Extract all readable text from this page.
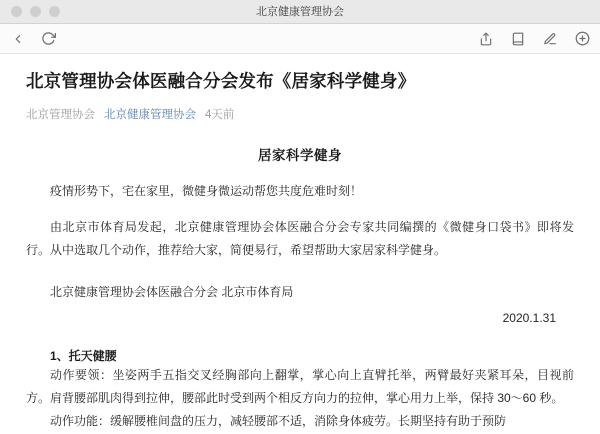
北京健康管理协会
北京管理协会体医融合分会发布《居家科学健身》
北京管理协会 北京健康管理协会 4天前
居家科学健身

疫情形势下，宅在家里，微健身微运动帮您共度危难时刻！

由北京市体育局发起，北京健康管理协会体医融合分会专家共同编撰的《微健身口袋书》即将发行。从中选取几个动作，推荐给大家，简便易行，希望帮助大家居家科学健身。

北京健康管理协会体医融合分会 北京市体育局

2020.1.31
1、托天健腰

动作要领：坐姿两手五指交叉经胸部向上翻掌，掌心向上直臂托举，两臂最好夹紧耳朵，目视前方。肩背腰部肌肉得到拉伸，腰部此时受到两个相反方向力的拉伸，掌心用力上举，保持 30～60 秒。

动作功能：缓解腰椎间盘的压力，减轻腰部不适，消除身体疲劳。长期坚持有助于预防
